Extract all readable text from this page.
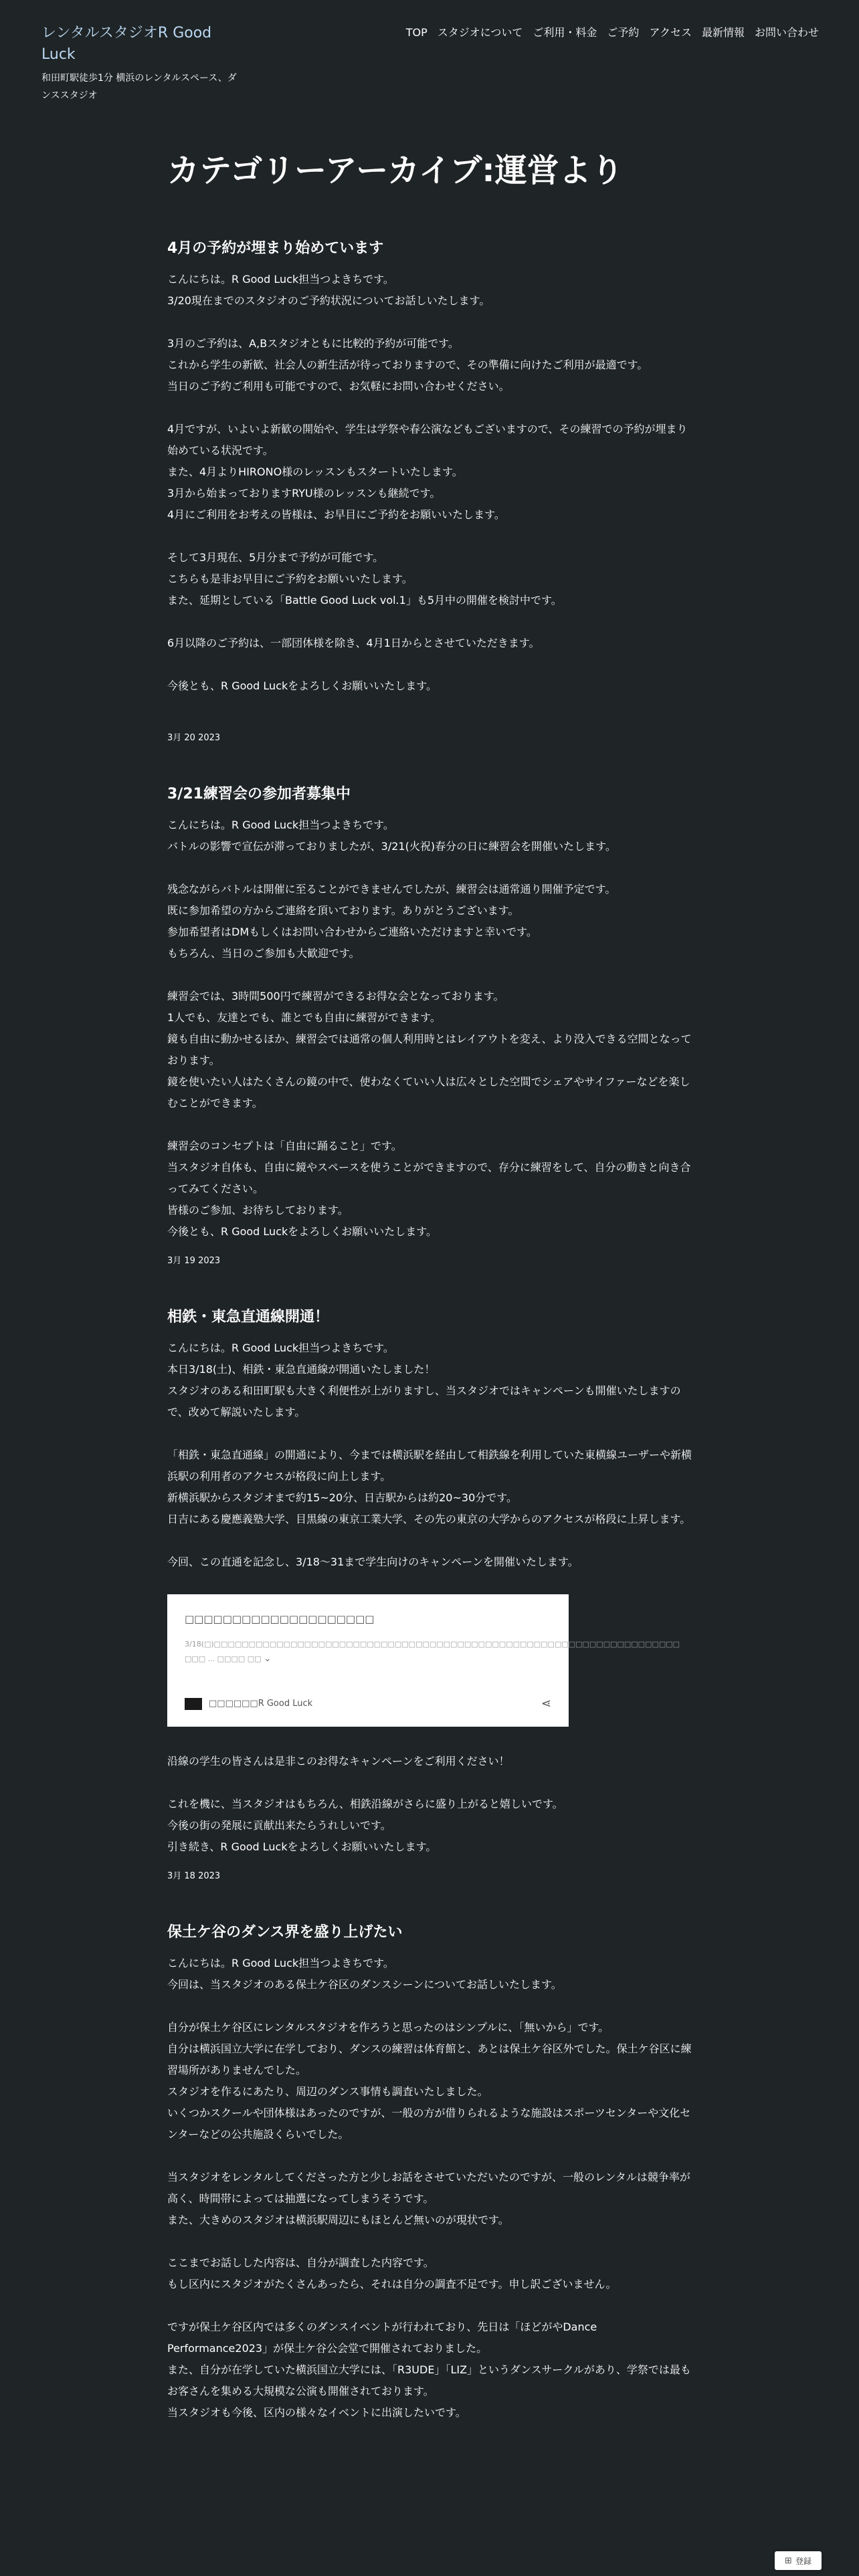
レンタルスタジオR Good Luck
和田町駅徒歩1分 横浜のレンタルスペース、ダンススタジオ
TOP スタジオについて ご利用・料金 ご予約 アクセス 最新情報 お問い合わせ
カテゴリーアーカイブ:運営より
4月の予約が埋まり始めています

こんにちは。R Good Luck担当つよきちです。
3/20現在までのスタジオのご予約状況についてお話しいたします。

3月のご予約は、A,Bスタジオともに比較的予約が可能です。
これから学生の新歓、社会人の新生活が待っておりますので、その準備に向けたご利用が最適です。
当日のご予約ご利用も可能ですので、お気軽にお問い合わせください。

4月ですが、いよいよ新歓の開始や、学生は学祭や春公演などもございますので、その練習での予約が埋まり始めている状況です。
また、4月よりHIRONO様のレッスンもスタートいたします。
3月から始まっておりますRYU様のレッスンも継続です。
4月にご利用をお考えの皆様は、お早目にご予約をお願いいたします。

そして3月現在、5月分まで予約が可能です。
こちらも是非お早目にご予約をお願いいたします。
また、延期としている「Battle Good Luck vol.1」も5月中の開催を検討中です。

6月以降のご予約は、一部団体様を除き、4月1日からとさせていただきます。

今後とも、R Good Luckをよろしくお願いいたします。

3月 20 2023
3/21練習会の参加者募集中

こんにちは。R Good Luck担当つよきちです。
バトルの影響で宣伝が滞っておりましたが、3/21(火祝)春分の日に練習会を開催いたします。

残念ながらバトルは開催に至ることができませんでしたが、練習会は通常通り開催予定です。
既に参加希望の方からご連絡を頂いております。ありがとうございます。
参加希望者はDMもしくはお問い合わせからご連絡いただけますと幸いです。
もちろん、当日のご参加も大歓迎です。

練習会では、3時間500円で練習ができるお得な会となっております。
1人でも、友達とでも、誰とでも自由に練習ができます。
鏡も自由に動かせるほか、練習会では通常の個人利用時とはレイアウトを変え、より没入できる空間となっております。
鏡を使いたい人はたくさんの鏡の中で、使わなくていい人は広々とした空間でシェアやサイファーなどを楽しむことができます。

練習会のコンセプトは「自由に踊ること」です。
当スタジオ自体も、自由に鏡やスペースを使うことができますので、存分に練習をして、自分の動きと向き合ってみてください。
皆様のご参加、お待ちしております。
今後とも、R Good Luckをよろしくお願いいたします。

3月 19 2023
相鉄・東急直通線開通！

こんにちは。R Good Luck担当つよきちです。
本日3/18(土)、相鉄・東急直通線が開通いたしました！
スタジオのある和田町駅も大きく利便性が上がりますし、当スタジオではキャンペーンも開催いたしますので、改めて解説いたします。

「相鉄・東急直通線」の開通により、今までは横浜駅を経由して相鉄線を利用していた東横線ユーザーや新横浜駅の利用者のアクセスが格段に向上します。
新横浜駅からスタジオまで約15~20分、日吉駅からは約20~30分です。
日吉にある慶應義塾大学、目黒線の東京工業大学、その先の東京の大学からのアクセスが格段に上昇します。

今回、この直通を記念し、3/18～31まで学生向けのキャンペーンを開催いたします。

□□□□□□□□□□□□□□□□□□□□
3/18(□)□□□□□□□□□□□□□□□□□□□□□□□□□□□□□□□□□□□□□□□□□□□□□□□□□□□□□□□□□□□□□□□□□□□ □□□ ... □□□□ □□ ⌄
□□□□□□R Good Luck	⋖

沿線の学生の皆さんは是非このお得なキャンペーンをご利用ください！

これを機に、当スタジオはもちろん、相鉄沿線がさらに盛り上がると嬉しいです。
今後の街の発展に貢献出来たらうれしいです。
引き続き、R Good Luckをよろしくお願いいたします。

3月 18 2023
保土ケ谷のダンス界を盛り上げたい

こんにちは。R Good Luck担当つよきちです。
今回は、当スタジオのある保土ケ谷区のダンスシーンについてお話しいたします。

自分が保土ケ谷区にレンタルスタジオを作ろうと思ったのはシンプルに、「無いから」です。
自分は横浜国立大学に在学しており、ダンスの練習は体育館と、あとは保土ケ谷区外でした。保土ケ谷区に練習場所がありませんでした。
スタジオを作るにあたり、周辺のダンス事情も調査いたしました。
いくつかスクールや団体様はあったのですが、一般の方が借りられるような施設はスポーツセンターや文化センターなどの公共施設くらいでした。

当スタジオをレンタルしてくださった方と少しお話をさせていただいたのですが、一般のレンタルは競争率が高く、時間帯によっては抽選になってしまうそうです。
また、大きめのスタジオは横浜駅周辺にもほとんど無いのが現状です。

ここまでお話しした内容は、自分が調査した内容です。
もし区内にスタジオがたくさんあったら、それは自分の調査不足です。申し訳ございません。

ですが保土ケ谷区内では多くのダンスイベントが行われており、先日は「ほどがやDance Performance2023」が保土ケ谷公会堂で開催されておりました。
また、自分が在学していた横浜国立大学には、「R3UDE」「LIZ」というダンスサークルがあり、学祭では最もお客さんを集める大規模な公演も開催されております。
当スタジオも今後、区内の様々なイベントに出演したいです。

⊞ 登録
